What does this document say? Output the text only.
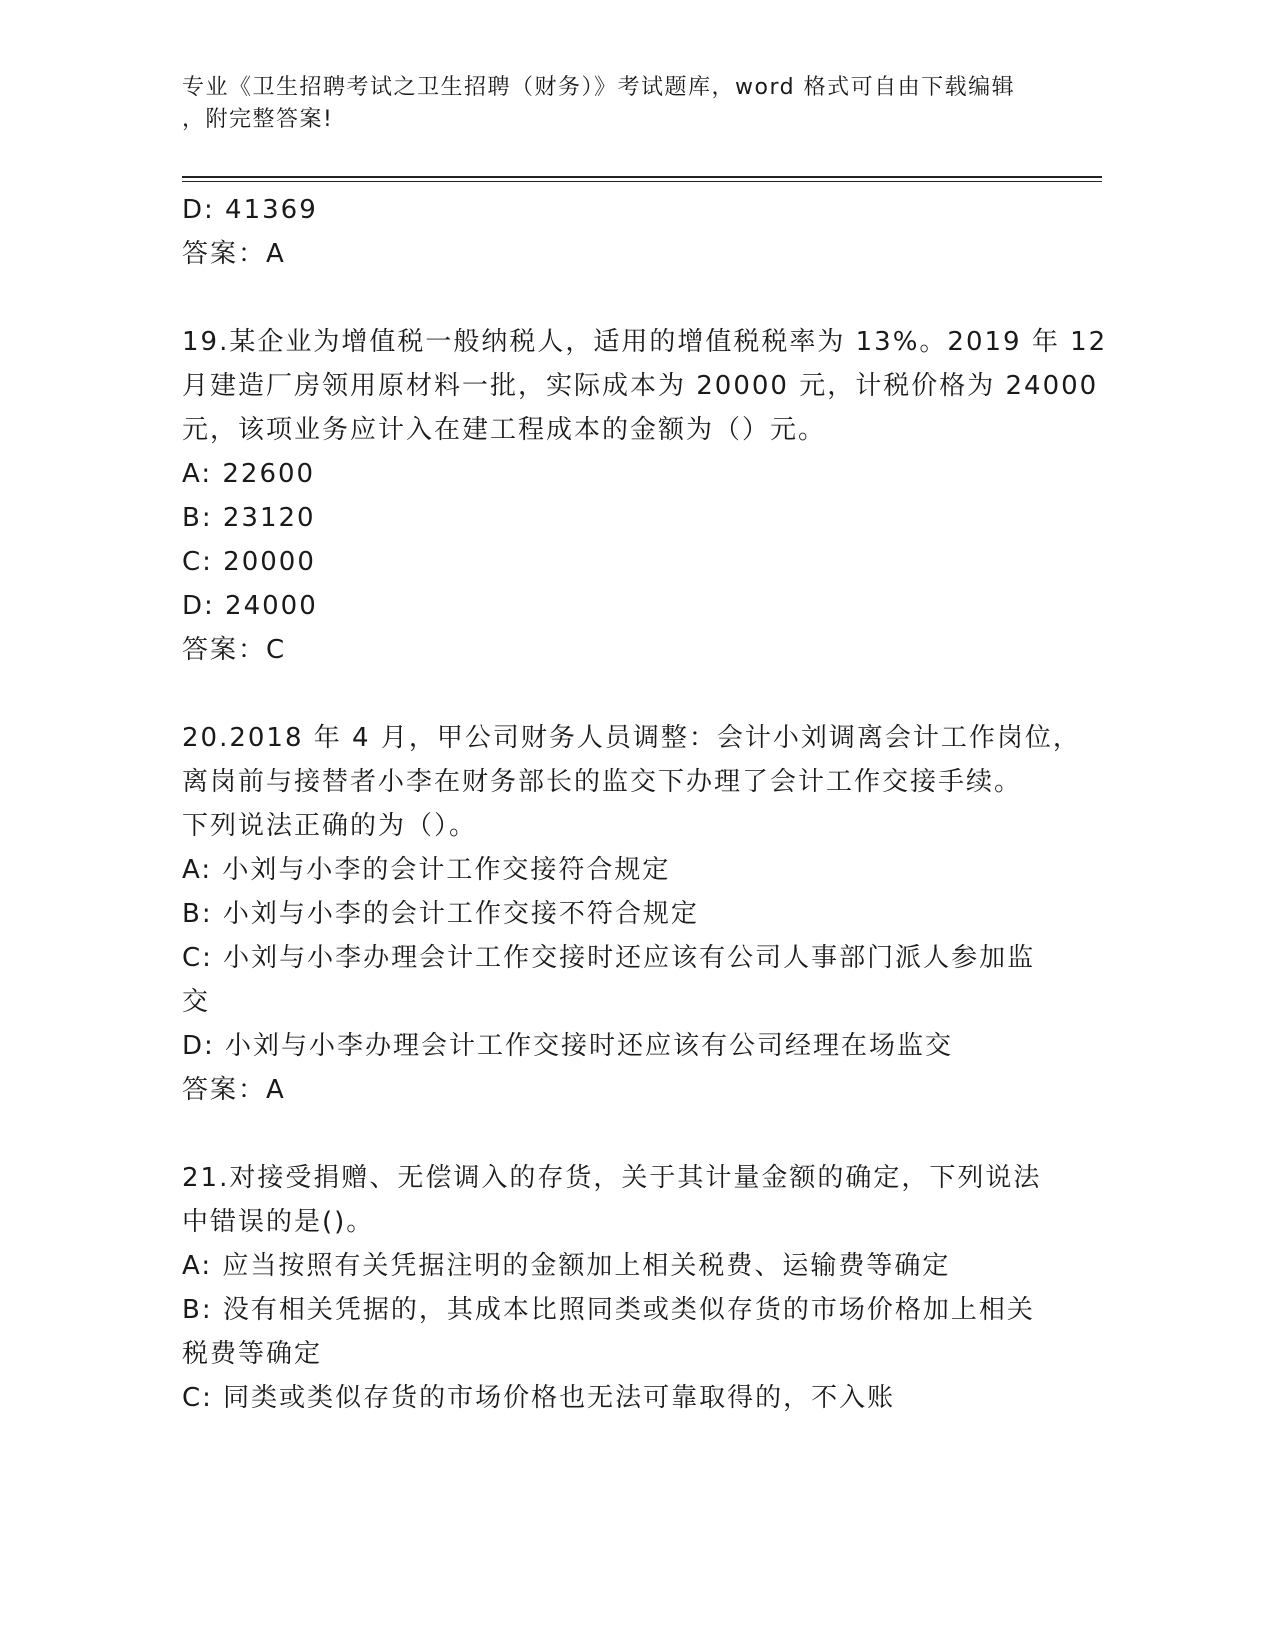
专业《卫生招聘考试之卫生招聘（财务）》考试题库，word 格式可自由下载编辑
，附完整答案!
D: 41369
答案：A
19.某企业为增值税一般纳税人，适用的增值税税率为 13%。2019 年 12
月建造厂房领用原材料一批，实际成本为 20000 元，计税价格为 24000
元，该项业务应计入在建工程成本的金额为（）元。
A: 22600
B: 23120
C: 20000
D: 24000
答案：C
20.2018 年 4 月，甲公司财务人员调整：会计小刘调离会计工作岗位，
离岗前与接替者小李在财务部长的监交下办理了会计工作交接手续。
下列说法正确的为（）。
A: 小刘与小李的会计工作交接符合规定
B: 小刘与小李的会计工作交接不符合规定
C: 小刘与小李办理会计工作交接时还应该有公司人事部门派人参加监
交
D: 小刘与小李办理会计工作交接时还应该有公司经理在场监交
答案：A
21.对接受捐赠、无偿调入的存货，关于其计量金额的确定，下列说法
中错误的是()。
A: 应当按照有关凭据注明的金额加上相关税费、运输费等确定
B: 没有相关凭据的，其成本比照同类或类似存货的市场价格加上相关
税费等确定
C: 同类或类似存货的市场价格也无法可靠取得的，不入账
